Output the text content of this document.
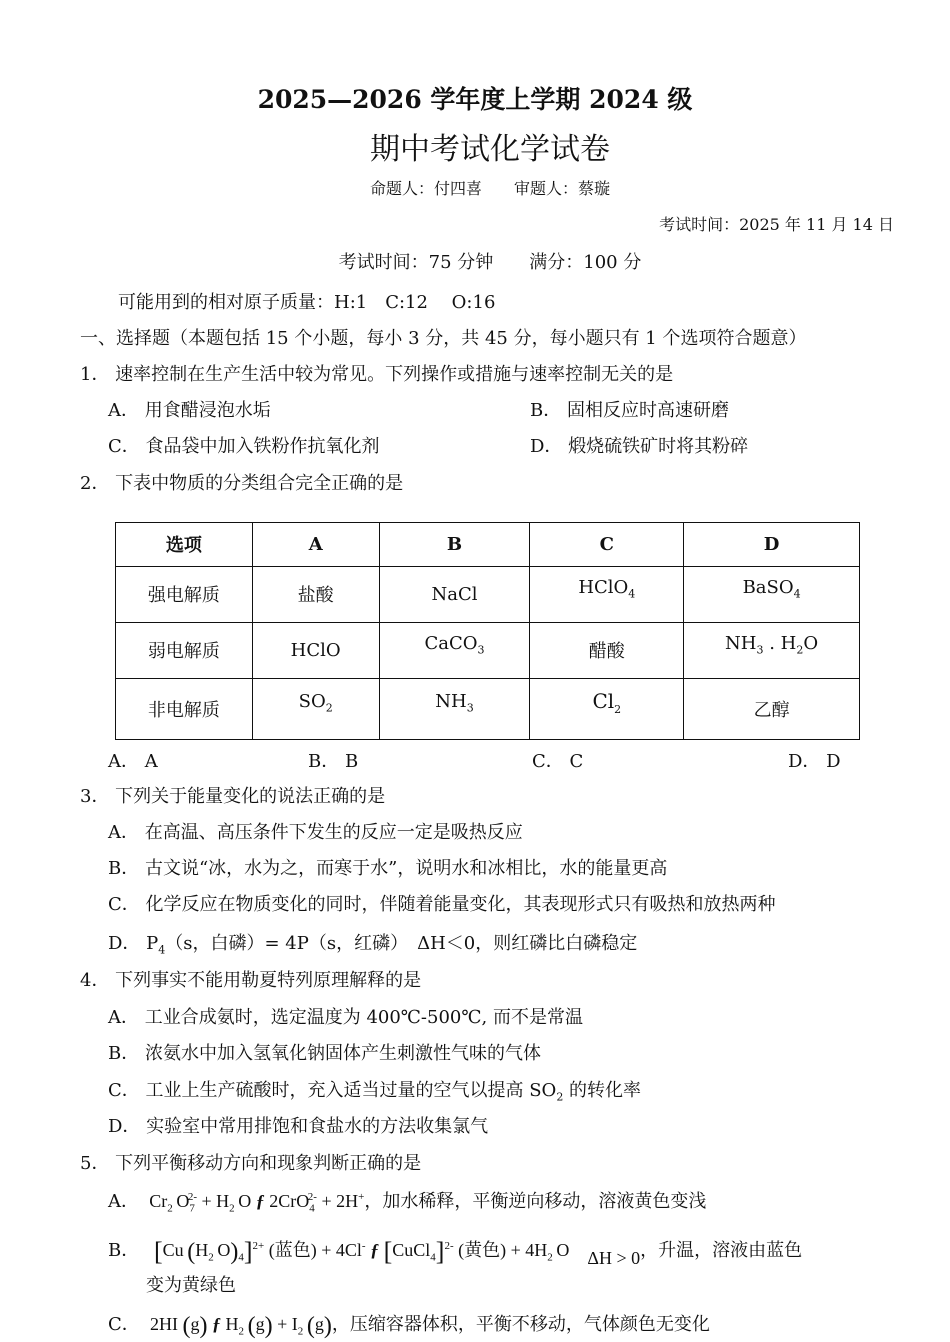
2025—2026 学年度上学期 2024 级
期中考试化学试卷
命题人：付四喜　　审题人：蔡璇
考试时间：2025 年 11 月 14 日
考试时间：75 分钟　　满分：100 分
可能用到的相对原子质量：H:1　C:12　 O:16
一、选择题（本题包括 15 个小题，每小 3 分，共 45 分，每小题只有 1 个选项符合题意）
1． 速率控制在生产生活中较为常见。下列操作或措施与速率控制无关的是
A． 用食醋浸泡水垢	B． 固相反应时高速研磨
C． 食品袋中加入铁粉作抗氧化剂	D． 煅烧硫铁矿时将其粉碎
2． 下表中物质的分类组合完全正确的是
选项	A	B	C	D
强电解质	盐酸	NaCl	HClO$_4$	BaSO$_4$
弱电解质	HClO	CaCO$_3$	醋酸	$NH_3$ . $H_2O$
非电解质	$SO_2$	$NH_3$	$Cl_2$	乙醇
A． A	B． B	C． C	D． D
3． 下列关于能量变化的说法正确的是
A． 在高温、高压条件下发生的反应一定是吸热反应
B． 古文说“冰，水为之，而寒于水”，说明水和冰相比，水的能量更高
C． 化学反应在物质变化的同时，伴随着能量变化，其表现形式只有吸热和放热两种
D． $P_4(s$，白磷）= 4P（s，红磷）　ΔH＜0，则红磷比白磷稳定
4． 下列事实不能用勒夏特列原理解释的是
A． 工业合成氨时，选定温度为 400℃-500℃, 而不是常温
B． 浓氨水中加入氢氧化钠固体产生刺激性气味的气体
C． 工业上生产硫酸时，充入适当过量的空气以提高 $SO_2$ 的转化率
D． 实验室中常用排饱和食盐水的方法收集氯气
5． 下列平衡移动方向和现象判断正确的是
A．  $Cr_2$ $O_7^{2-} + H_2$ O ƒ 2CrO$_4^{2-}$ + 2H+，加水稀释，平衡逆向移动，溶液黄色变浅
B． [Cu ($H_2$ $O)_4]^{2+}$ (蓝色) + 4Cl- ƒ [CuCl$_4$]$^{2-}$ (黄色) + $4H_2$ O    ΔH > 0，升温，溶液由蓝色
变为黄绿色
C．  2HI (g) ƒ $H_2$  $(g) + I_2$  (g)，压缩容器体积，平衡不移动，气体颜色无变化
